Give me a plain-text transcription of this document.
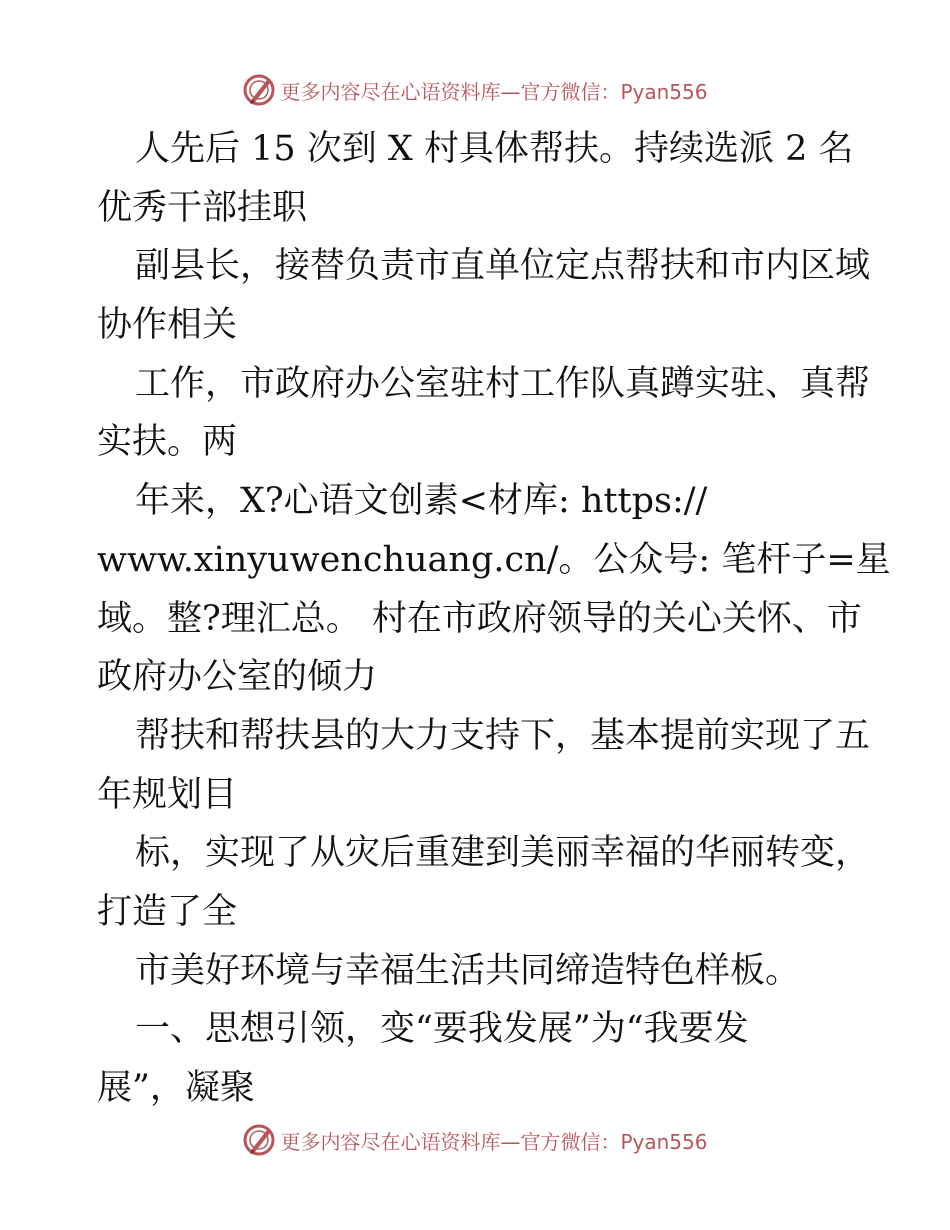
更多内容尽在心语资料库—官方微信：Pyan556

人先后 15 次到 X 村具体帮扶。持续选派 2 名

优秀干部挂职

副县长，接替负责市直单位定点帮扶和市内区域

协作相关

工作，市政府办公室驻村工作队真蹲实驻、真帮

实扶。两

年来，X?心语文创素<材库: https://

www.xinyuwenchuang.cn/。公众号: 笔杆子=星

域。整?理汇总。 村在市政府领导的关心关怀、市

政府办公室的倾力

帮扶和帮扶县的大力支持下，基本提前实现了五

年规划目

标，实现了从灾后重建到美丽幸福的华丽转变，

打造了全

市美好环境与幸福生活共同缔造特色样板。

一、思想引领，变“要我发展”为“我要发

展”，凝聚

更多内容尽在心语资料库—官方微信：Pyan556
